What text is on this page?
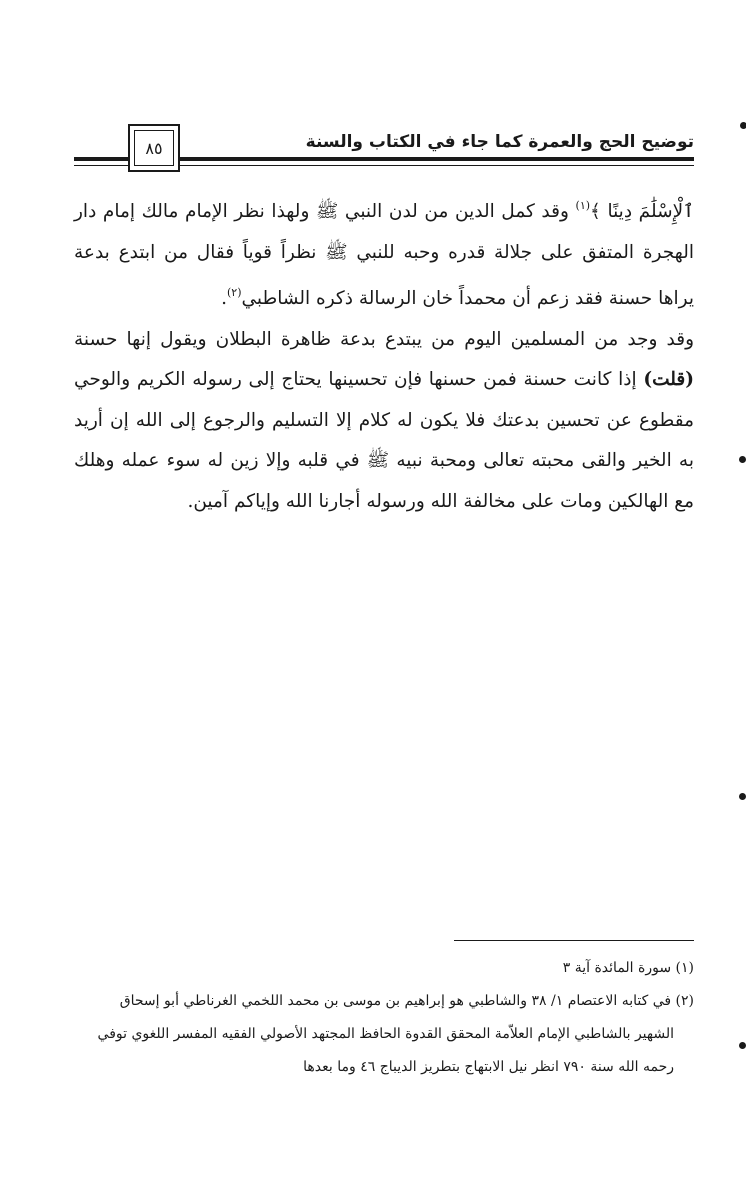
توضيح الحج والعمرة كما جاء في الكتاب والسنة
٨٥

ٱلْإِسْلَٰمَ دِينًا ﴾$^{(١)}$ وقد كمل الدين من لدن النبي ﷺ ولهذا نظر الإمام مالك إمام دار الهجرة المتفق على جلالة قدره وحبه للنبي ﷺ نظراً قوياً فقال من ابتدع بدعة يراها حسنة فقد زعم أن محمداً خان الرسالة ذكره الشاطبي$^{(٢)}$.

وقد وجد من المسلمين اليوم من يبتدع بدعة ظاهرة البطلان ويقول إنها حسنة (قلت) إذا كانت حسنة فمن حسنها فإن تحسينها يحتاج إلى رسوله الكريم والوحي مقطوع عن تحسين بدعتك فلا يكون له كلام إلا التسليم والرجوع إلى الله إن أريد به الخير والقى محبته تعالى ومحبة نبيه ﷺ في قلبه وإلا زين له سوء عمله وهلك مع الهالكين ومات على مخالفة الله ورسوله أجارنا الله وإياكم آمين.

(١) سورة المائدة آية ٣

(٢) في كتابه الاعتصام ١/ ٣٨ والشاطبي هو إبراهيم بن موسى بن محمد اللخمي الغرناطي أبو إسحاق

الشهير بالشاطبي الإمام العلاّمة المحقق القدوة الحافظ المجتهد الأصولي الفقيه المفسر اللغوي توفي

رحمه الله سنة ٧٩٠ انظر نيل الابتهاج بتطريز الديباج ٤٦ وما بعدها
